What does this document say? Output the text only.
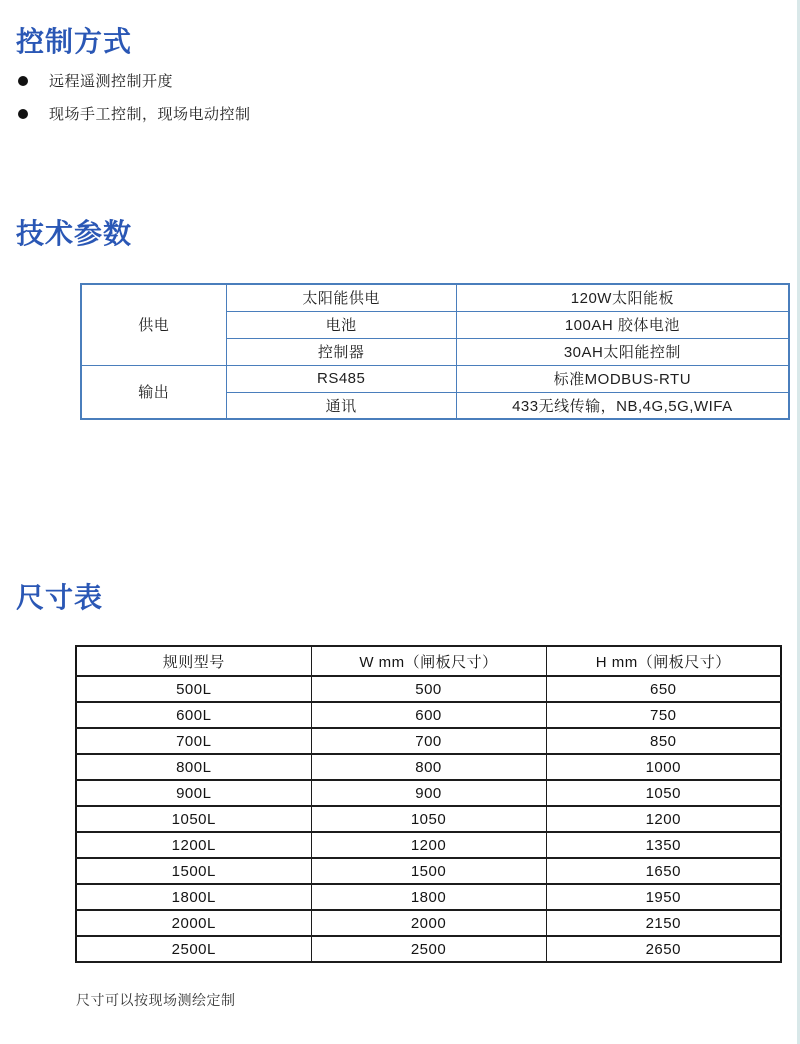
控制方式
远程遥测控制开度
现场手工控制，现场电动控制
技术参数
供电	太阳能供电	120W太阳能板
	电池	100AH 胶体电池
	控制器	30AH太阳能控制
输出	RS485	标准MODBUS-RTU
	通讯	433无线传输，NB,4G,5G,WIFA
尺寸表
规则型号	W mm（闸板尺寸）	H mm（闸板尺寸）
500L	500	650
600L	600	750
700L	700	850
800L	800	1000
900L	900	1050
1050L	1050	1200
1200L	1200	1350
1500L	1500	1650
1800L	1800	1950
2000L	2000	2150
2500L	2500	2650

尺寸可以按现场测绘定制
